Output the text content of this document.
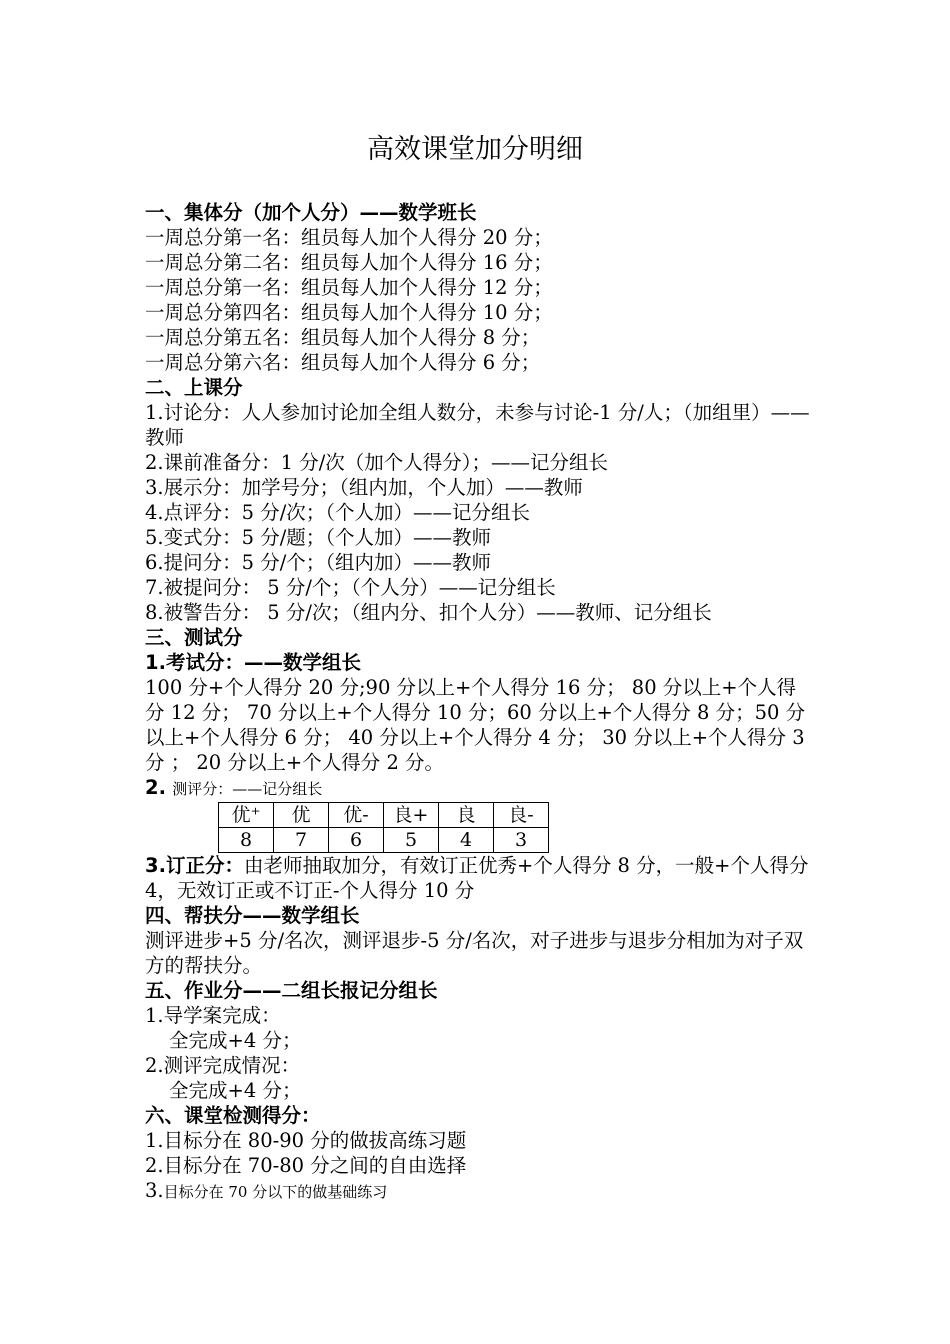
高效课堂加分明细
一、集体分（加个人分）——数学班长
一周总分第一名：组员每人加个人得分 20 分；
一周总分第二名：组员每人加个人得分 16 分；
一周总分第一名：组员每人加个人得分 12 分；
一周总分第四名：组员每人加个人得分 10 分；
一周总分第五名：组员每人加个人得分 8 分；
一周总分第六名：组员每人加个人得分 6 分；
二、上课分
1.讨论分：人人参加讨论加全组人数分，未参与讨论-1 分/人；（加组里）——教师
2.课前准备分：1 分/次（加个人得分）；——记分组长
3.展示分：加学号分；（组内加，个人加）——教师
4.点评分：5 分/次；（个人加）——记分组长
5.变式分：5 分/题；（个人加）——教师
6.提问分：5 分/个；（组内加）——教师
7.被提问分： 5 分/个；（个人分）——记分组长
8.被警告分： 5 分/次；（组内分、扣个人分）——教师、记分组长
三、测试分
1.考试分：——数学组长
100 分+个人得分 20 分;90 分以上+个人得分 16 分； 80 分以上+个人得分 12 分； 70 分以上+个人得分 10 分；60 分以上+个人得分 8 分；50 分以上+个人得分 6 分； 40 分以上+个人得分 4 分； 30 分以上+个人得分 3 分 ； 20 分以上+个人得分 2 分。
2. 测评分：——记分组长
优⁺	优	优-	良+	良	良-
8	7	6	5	4	3
3.订正分：由老师抽取加分，有效订正优秀+个人得分 8 分，一般+个人得分 4，无效订正或不订正-个人得分 10 分
四、帮扶分——数学组长
测评进步+5 分/名次，测评退步-5 分/名次，对子进步与退步分相加为对子双方的帮扶分。
五、作业分——二组长报记分组长
1.导学案完成：
全完成+4 分；
2.测评完成情况：
全完成+4 分；
六、课堂检测得分：
1.目标分在 80-90 分的做拔高练习题
2.目标分在 70-80 分之间的自由选择
3.目标分在 70 分以下的做基础练习
